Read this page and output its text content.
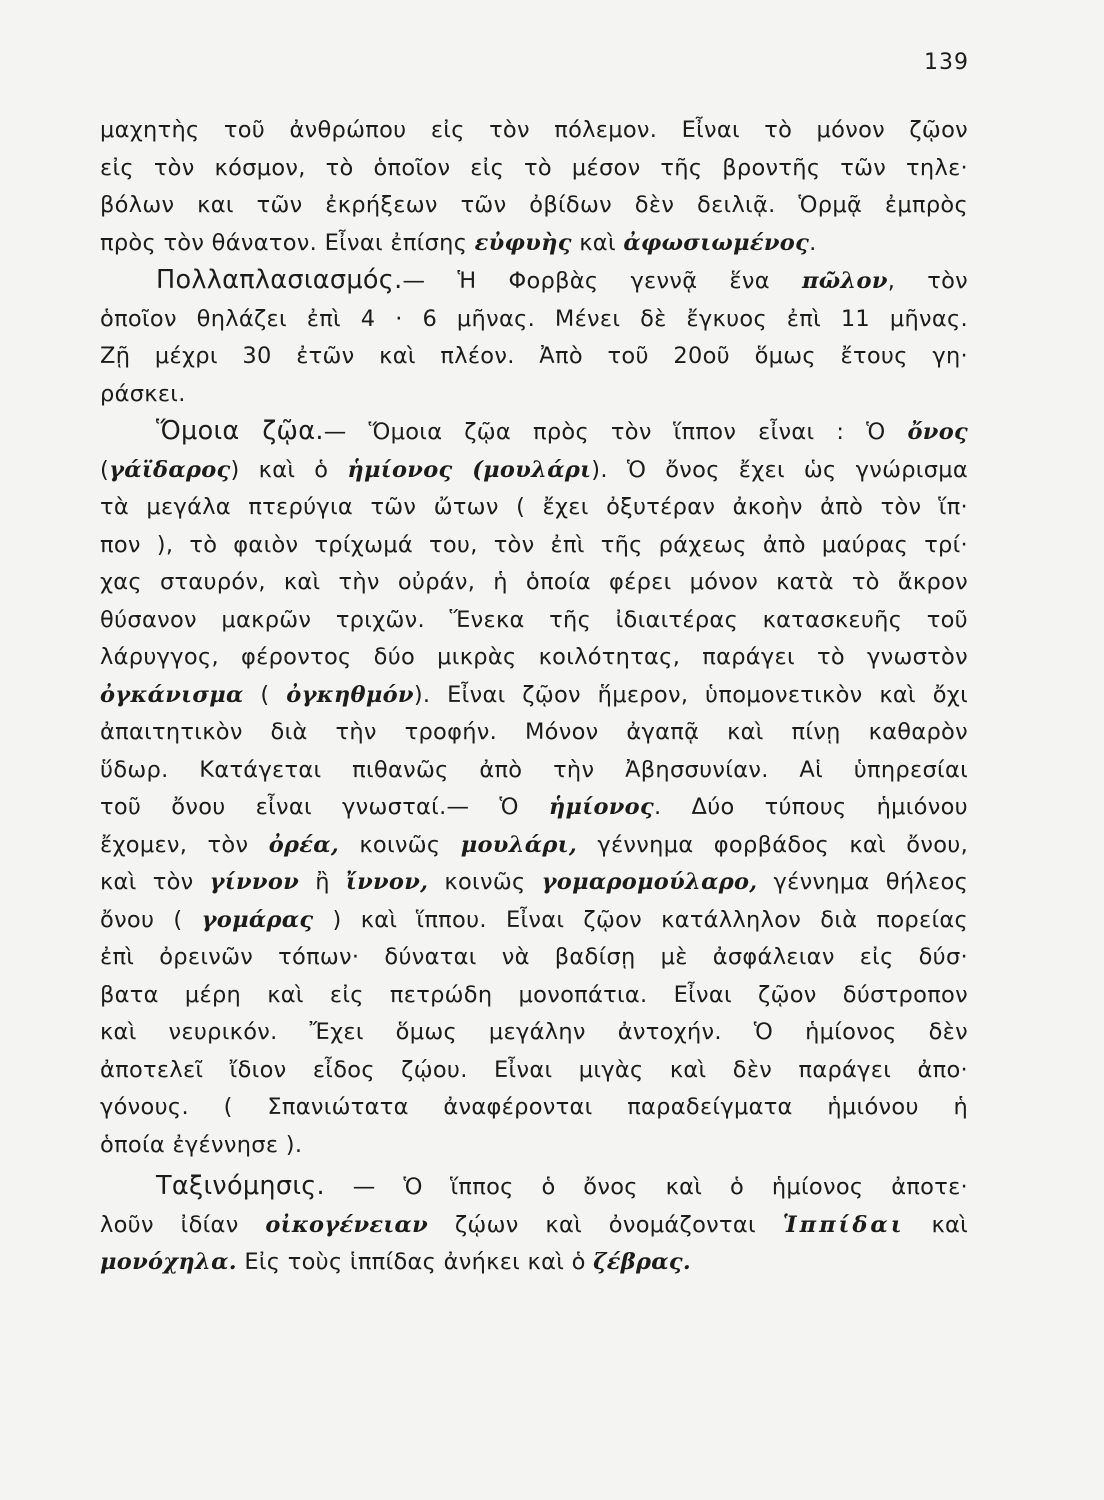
139
μαχητὴς τοῦ ἀνθρώπου εἰς τὸν πόλεμον. Εἶναι τὸ μόνον ζῷον
εἰς τὸν κόσμον, τὸ ὁποῖον εἰς τὸ μέσον τῆς βροντῆς τῶν τηλε·
βόλων και τῶν ἐκρήξεων τῶν ὀβίδων δὲν δειλιᾷ. Ὁρμᾷ ἐμπρὸς
πρὸς τὸν θάνατον. Εἶναι ἐπίσης εὐφυὴς καὶ ἀφωσιωμένος.
Πολλαπλασιασμός.— Ἡ Φορβὰς γεννᾷ ἕνα πῶλον, τὸν
ὁποῖον θηλάζει ἐπὶ 4 · 6 μῆνας. Μένει δὲ ἔγκυος ἐπὶ 11 μῆνας.
Ζῇ μέχρι 30 ἐτῶν καὶ πλέον. Ἀπὸ τοῦ 20οῦ ὅμως ἔτους γη·
ράσκει.
Ὅμοια ζῷα.— Ὅμοια ζῷα πρὸς τὸν ἵππον εἶναι : Ὁ ὄνος
(γάϊδαρος) καὶ ὁ ἡμίονος (μουλάρι). Ὁ ὄνος ἔχει ὡς γνώρισμα
τὰ μεγάλα πτερύγια τῶν ὤτων ( ἔχει ὀξυτέραν ἀκοὴν ἀπὸ τὸν ἵπ·
πον ), τὸ φαιὸν τρίχωμά του, τὸν ἐπὶ τῆς ράχεως ἀπὸ μαύρας τρί·
χας σταυρόν, καὶ τὴν οὐράν, ἡ ὁποία φέρει μόνον κατὰ τὸ ἄκρον
θύσανον μακρῶν τριχῶν. Ἕνεκα τῆς ἰδιαιτέρας κατασκευῆς τοῦ
λάρυγγος, φέροντος δύο μικρὰς κοιλότητας, παράγει τὸ γνωστὸν
ὀγκάνισμα ( ὀγκηθμόν). Εἶναι ζῷον ἥμερον, ὑπομονετικὸν καὶ ὄχι
ἀπαιτητικὸν διὰ τὴν τροφήν. Μόνον ἀγαπᾷ καὶ πίνῃ καθαρὸν
ὕδωρ. Κατάγεται πιθανῶς ἀπὸ τὴν Ἀβησσυνίαν. Αἱ ὑπηρεσίαι
τοῦ ὄνου εἶναι γνωσταί.— Ὁ ἡμίονος. Δύο τύπους ἡμιόνου
ἔχομεν, τὸν ὀρέα, κοινῶς μουλάρι, γέννημα φορβάδος καὶ ὄνου,
καὶ τὸν γίννον ἢ ἴννον, κοινῶς γομαρομούλαρο, γέννημα θήλεος
ὄνου ( γομάρας ) καὶ ἵππου. Εἶναι ζῷον κατάλληλον διὰ πορείας
ἐπὶ ὀρεινῶν τόπων· δύναται νὰ βαδίσῃ μὲ ἀσφάλειαν εἰς δύσ·
βατα μέρη καὶ εἰς πετρώδη μονοπάτια. Εἶναι ζῷον δύστροπον
καὶ νευρικόν. Ἔχει ὅμως μεγάλην ἀντοχήν. Ὁ ἡμίονος δὲν
ἀποτελεῖ ἴδιον εἶδος ζῴου. Εἶναι μιγὰς καὶ δὲν παράγει ἀπο·
γόνους. ( Σπανιώτατα ἀναφέρονται παραδείγματα ἡμιόνου ἡ
ὁποία ἐγέννησε ).
Ταξινόμησις. — Ὁ ἵππος ὁ ὄνος καὶ ὁ ἡμίονος ἀποτε·
λοῦν ἰδίαν οἰκογένειαν ζῴων καὶ ὀνομάζονται Ἱππίδαι καὶ
μονόχηλα. Εἰς τοὺς ἱππίδας ἀνήκει καὶ ὁ ζέβρας.
